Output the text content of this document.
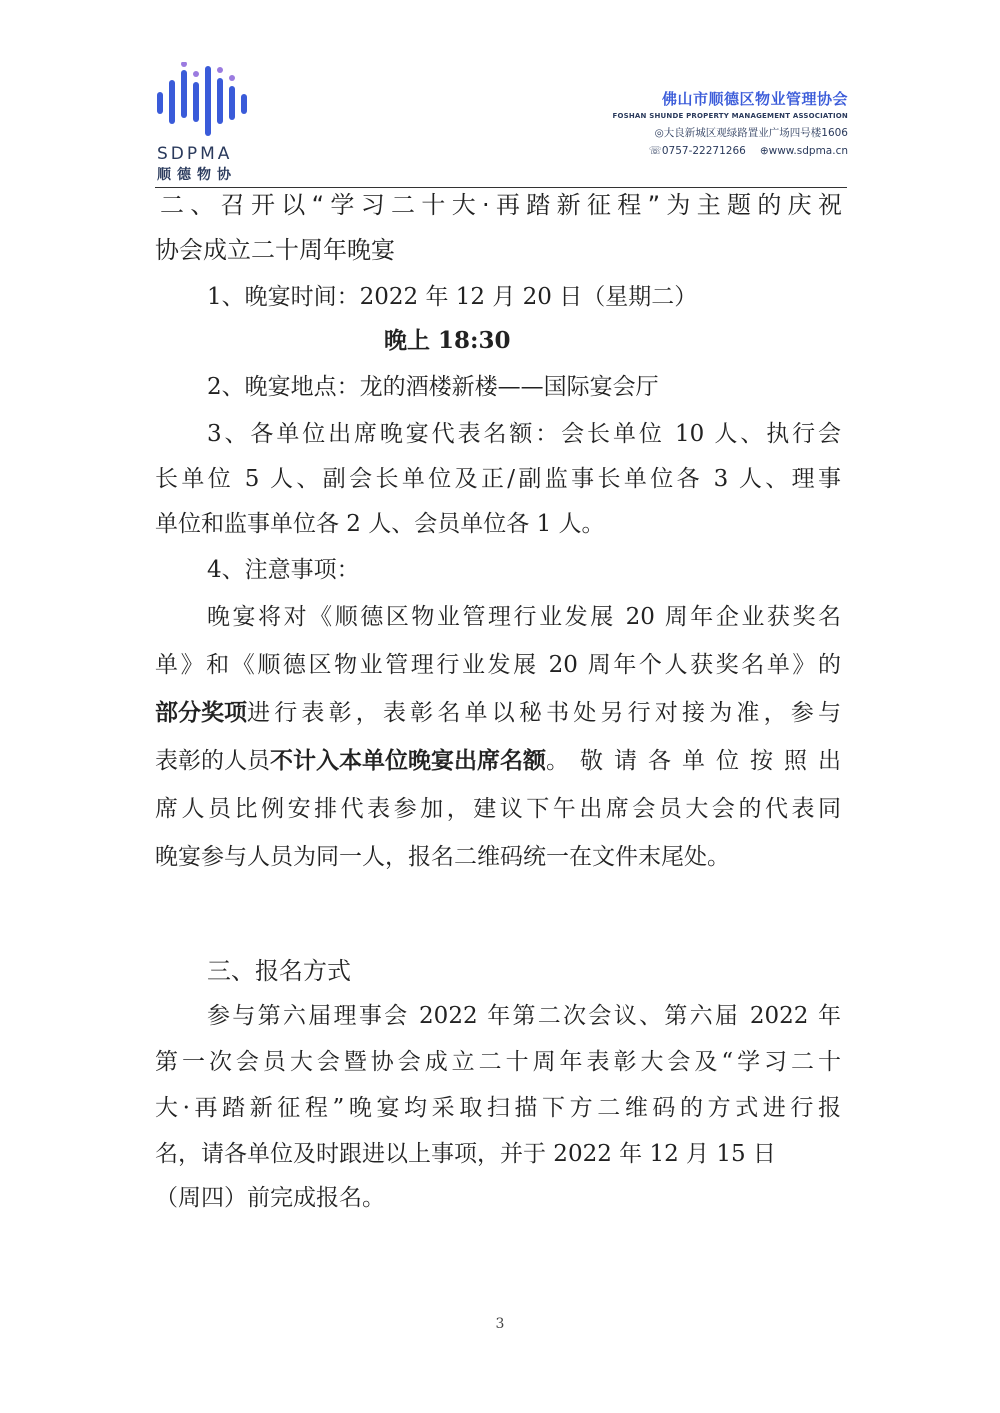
SDPMA
顺德物协
佛山市顺德区物业管理协会
FOSHAN SHUNDE PROPERTY MANAGEMENT ASSOCIATION
◎大良新城区观绿路置业广场四号楼1606
☏0757-22271266 ⊕www.sdpma.cn
二、召开以“学习二十大·再踏新征程”为主题的庆祝
协会成立二十周年晚宴
1、晚宴时间：2022 年 12 月 20 日（星期二）
晚上 18:30
2、晚宴地点：龙的酒楼新楼——国际宴会厅
3、各单位出席晚宴代表名额：会长单位 10 人、执行会
长单位 5 人、副会长单位及正/副监事长单位各 3 人、理事
单位和监事单位各 2 人、会员单位各 1 人。
4、注意事项：
晚宴将对《顺德区物业管理行业发展 20 周年企业获奖名
单》和《顺德区物业管理行业发展 20 周年个人获奖名单》的
部分奖项 进行表彰，表彰名单以秘书处另行对接为准，参与
表彰的人员 不计入本单位晚宴出席名额 。敬请各单位按照出
席人员比例安排代表参加，建议下午出席会员大会的代表同
晚宴参与人员为同一人，报名二维码统一在文件末尾处。
三、报名方式
参与第六届理事会 2022 年第二次会议、第六届 2022 年
第一次会员大会暨协会成立二十周年表彰大会及“学习二十
大·再踏新征程”晚宴均采取扫描下方二维码的方式进行报
名，请各单位及时跟进以上事项，并于 2022 年 12 月 15 日
（周四）前完成报名。
3
